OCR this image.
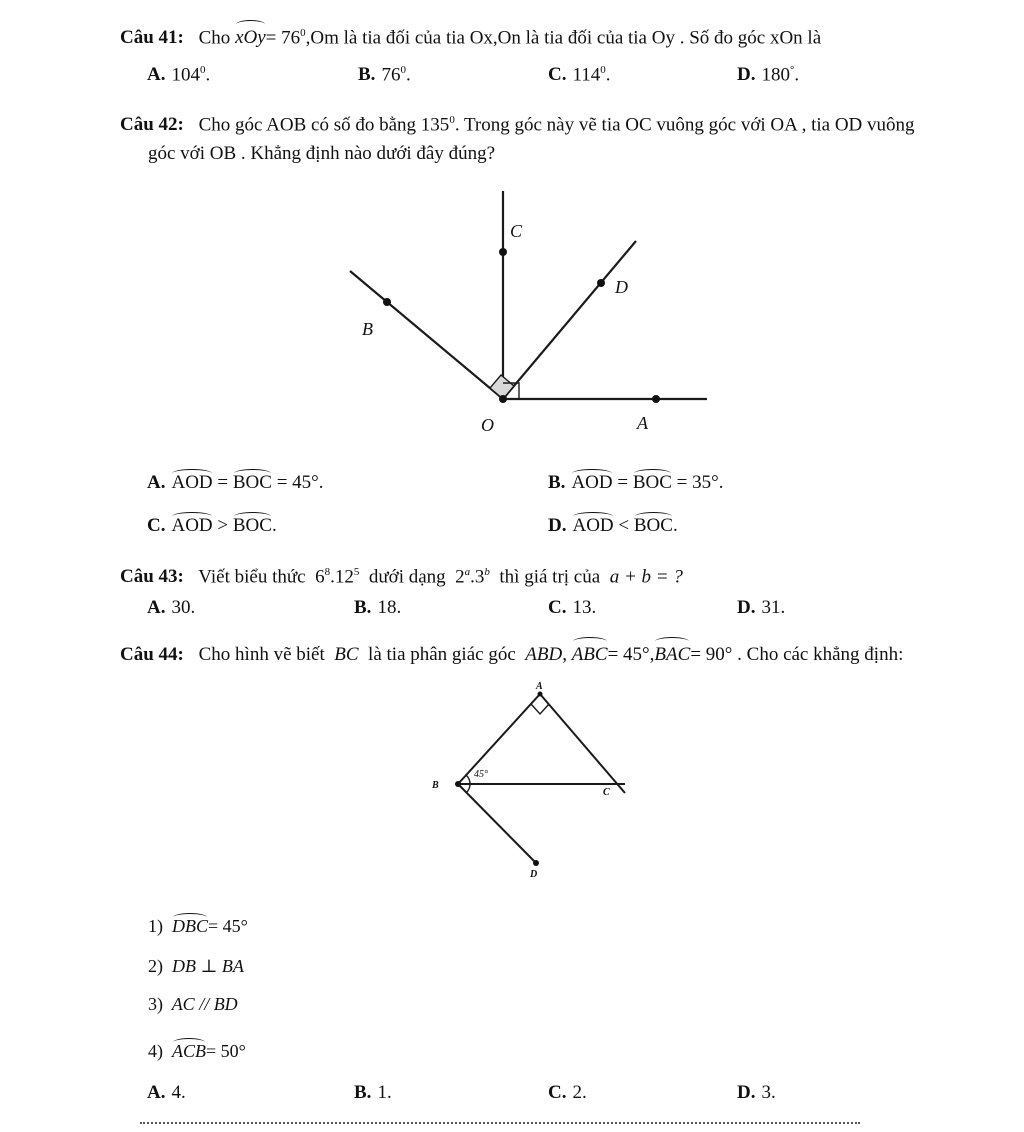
Câu 41: Cho $xOy= 76^0,Om$ là tia đối của tia Ox,On là tia đối của tia Oy . Số đo góc xOn là
A. $104^0$.	B. $76^0$.	C. $114^0$.	D. 180°.
Câu 42: Cho góc AOB có số đo bằng $135^0$. Trong góc này vẽ tia OC vuông góc với OA , tia OD vuông
góc với OB . Khẳng định nào dưới đây đúng?
C
D
B
O	A
A. AOD = BOC = 45°.	B. AOD = BOC = 35°.
C. AOD > BOC.	D. AOD < BOC.
Câu 43: Viết biểu thức $6^8.12^5$ dưới dạng 2$^a$.3$^b$ thì giá trị của a + b = ?
A. 30.	B. 18.	C. 13.	D. 31.
Câu 44: Cho hình vẽ biết BC là tia phân giác góc ABD, ABC= 45°,BAC= 90° . Cho các khẳng định:
A
B
C
D
45°
1) DBC= 45°
2) DB ⊥ BA
3) AC // BD
4) ACB= 50°
A. 4.	B. 1.	C. 2.	D. 3.
